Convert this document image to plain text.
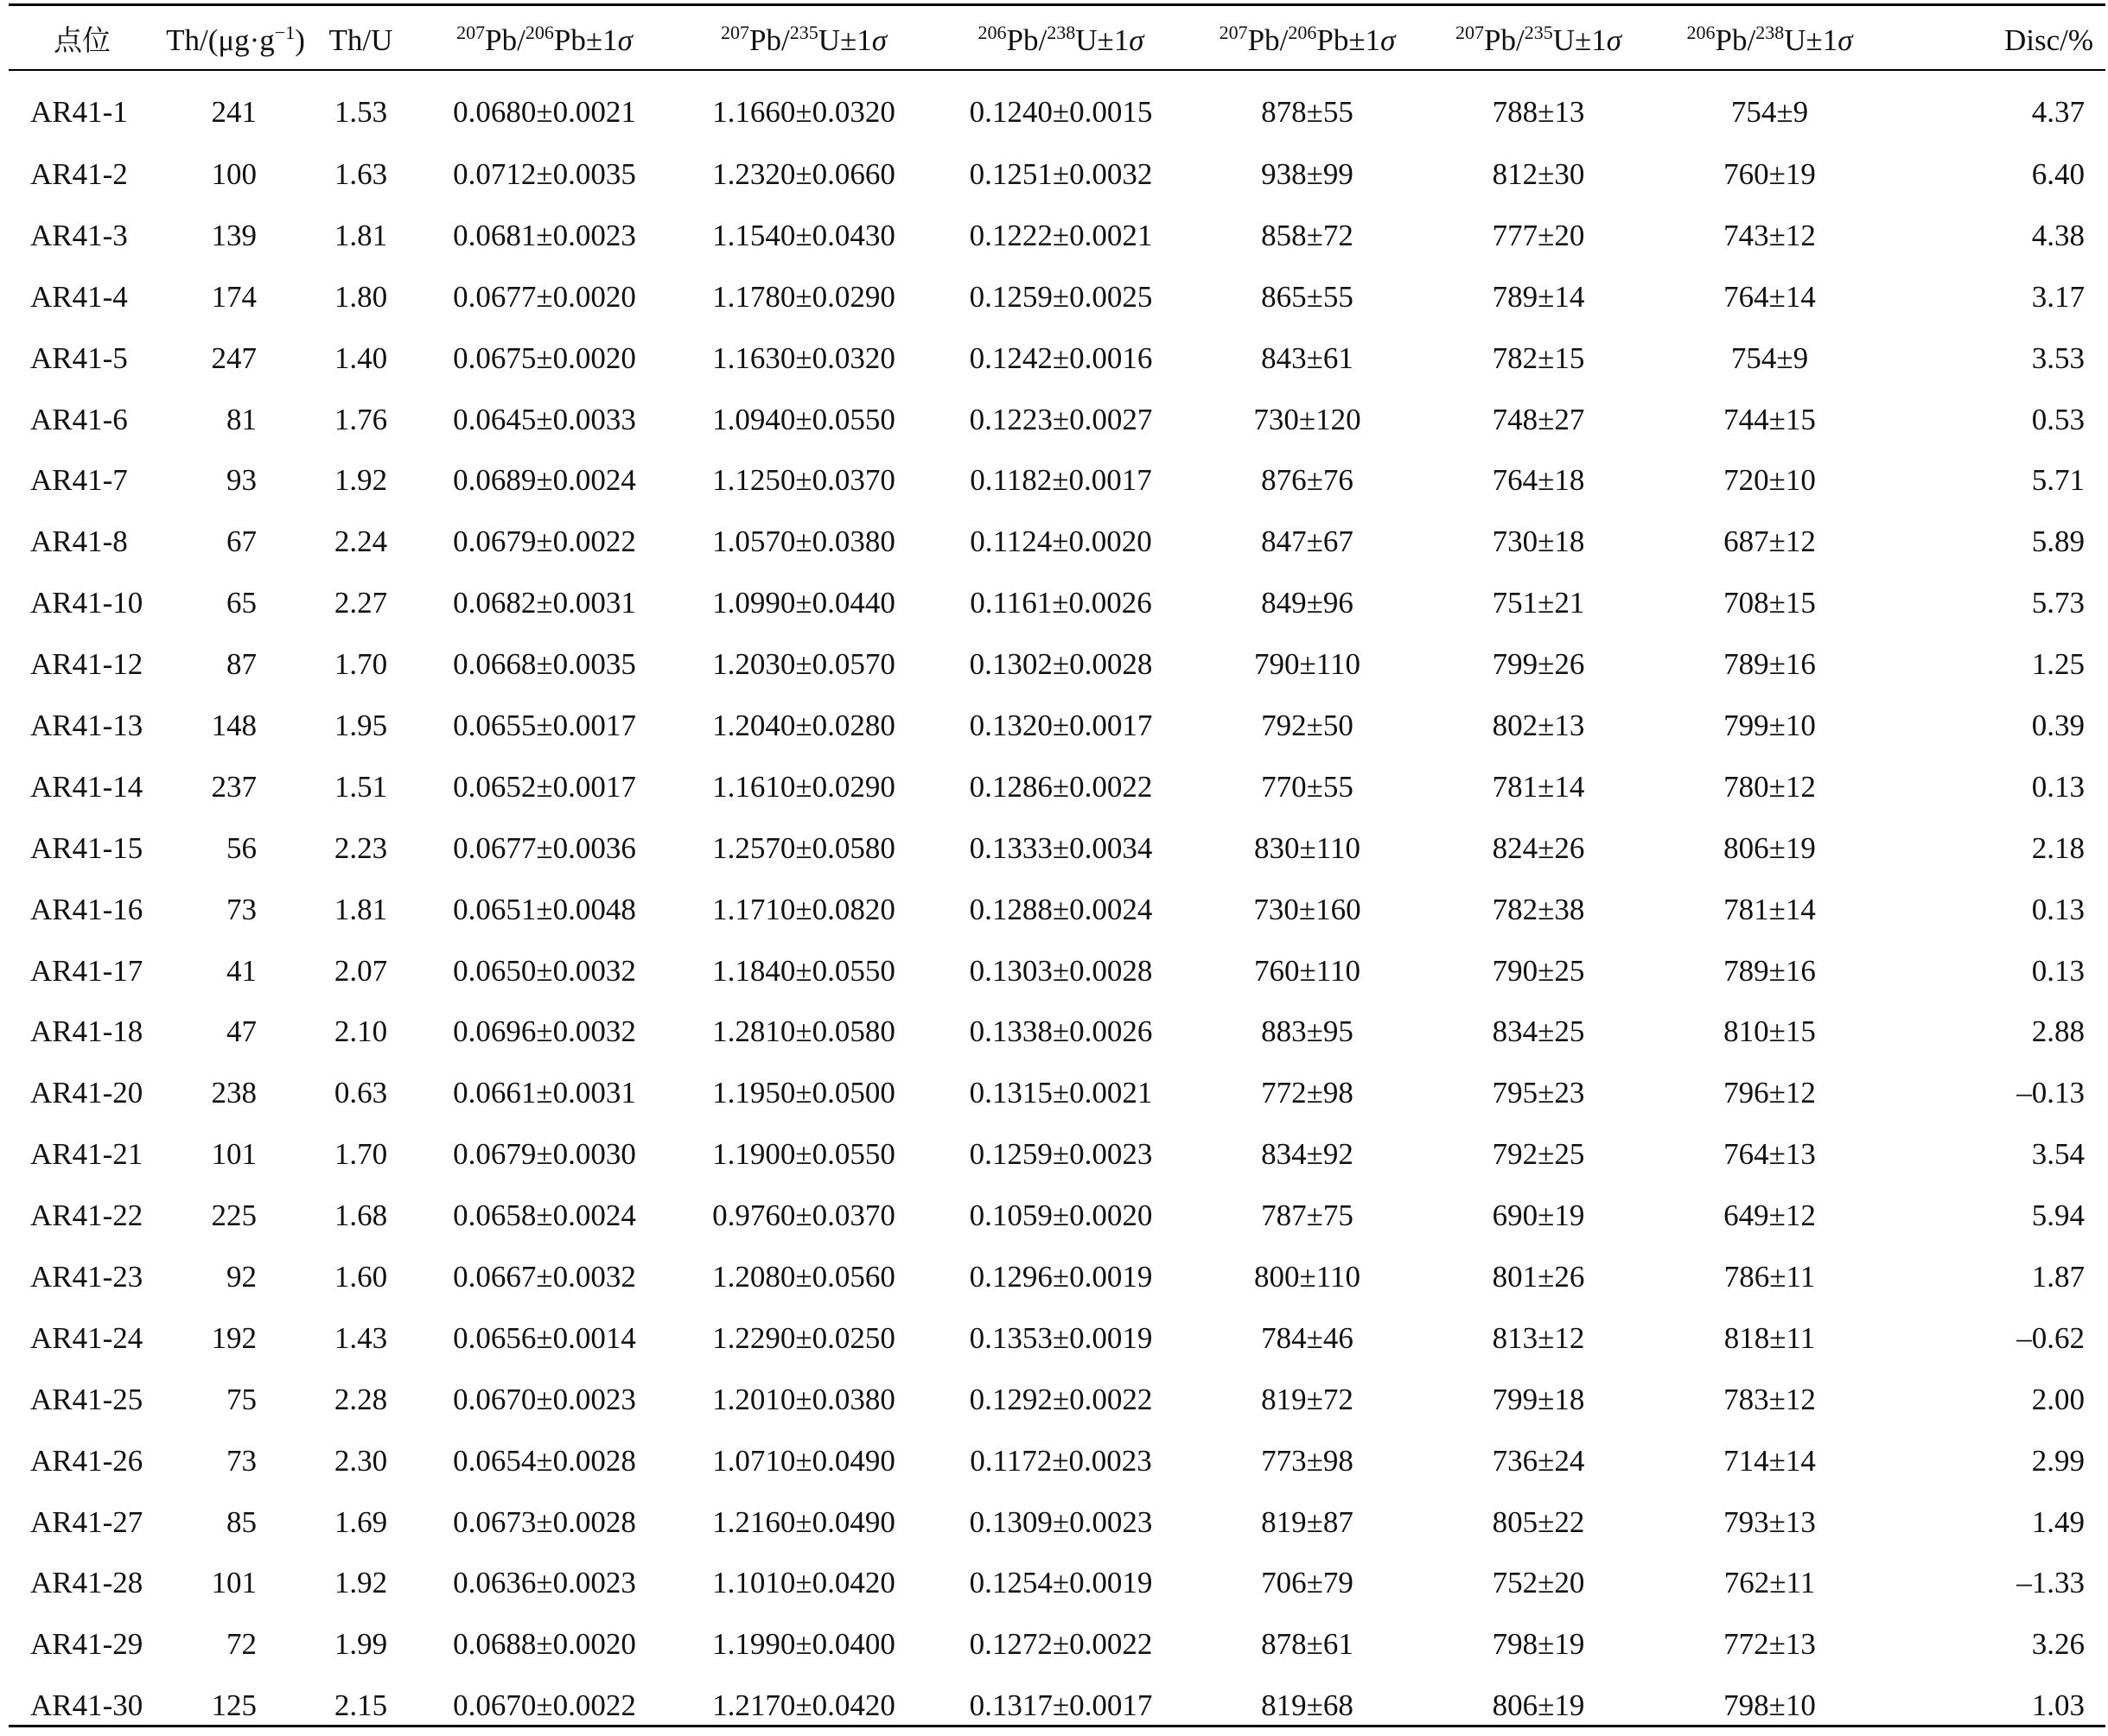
点位	$Th/(\mu g\cdot g^{-1})$	Th/U	$^{207}$Pb/$^{206}$Pb±1σ	$^{207}$Pb/$^{235}$U±1σ	$^{206}$Pb/$^{238}$U±1σ	$^{207}$Pb/$^{206}$Pb±1σ	$^{207}$Pb/$^{235}$U±1σ	$^{206}$Pb/$^{238}$U±1σ	Disc/%
AR41-1	241	1.53	0.0680±0.0021	1.1660±0.0320	0.1240±0.0015	878±55	788±13	754±9	4.37
AR41-2	100	1.63	0.0712±0.0035	1.2320±0.0660	0.1251±0.0032	938±99	812±30	760±19	6.40
AR41-3	139	1.81	0.0681±0.0023	1.1540±0.0430	0.1222±0.0021	858±72	777±20	743±12	4.38
AR41-4	174	1.80	0.0677±0.0020	1.1780±0.0290	0.1259±0.0025	865±55	789±14	764±14	3.17
AR41-5	247	1.40	0.0675±0.0020	1.1630±0.0320	0.1242±0.0016	843±61	782±15	754±9	3.53
AR41-6	81	1.76	0.0645±0.0033	1.0940±0.0550	0.1223±0.0027	730±120	748±27	744±15	0.53
AR41-7	93	1.92	0.0689±0.0024	1.1250±0.0370	0.1182±0.0017	876±76	764±18	720±10	5.71
AR41-8	67	2.24	0.0679±0.0022	1.0570±0.0380	0.1124±0.0020	847±67	730±18	687±12	5.89
AR41-10	65	2.27	0.0682±0.0031	1.0990±0.0440	0.1161±0.0026	849±96	751±21	708±15	5.73
AR41-12	87	1.70	0.0668±0.0035	1.2030±0.0570	0.1302±0.0028	790±110	799±26	789±16	1.25
AR41-13	148	1.95	0.0655±0.0017	1.2040±0.0280	0.1320±0.0017	792±50	802±13	799±10	0.39
AR41-14	237	1.51	0.0652±0.0017	1.1610±0.0290	0.1286±0.0022	770±55	781±14	780±12	0.13
AR41-15	56	2.23	0.0677±0.0036	1.2570±0.0580	0.1333±0.0034	830±110	824±26	806±19	2.18
AR41-16	73	1.81	0.0651±0.0048	1.1710±0.0820	0.1288±0.0024	730±160	782±38	781±14	0.13
AR41-17	41	2.07	0.0650±0.0032	1.1840±0.0550	0.1303±0.0028	760±110	790±25	789±16	0.13
AR41-18	47	2.10	0.0696±0.0032	1.2810±0.0580	0.1338±0.0026	883±95	834±25	810±15	2.88
AR41-20	238	0.63	0.0661±0.0031	1.1950±0.0500	0.1315±0.0021	772±98	795±23	796±12	–0.13
AR41-21	101	1.70	0.0679±0.0030	1.1900±0.0550	0.1259±0.0023	834±92	792±25	764±13	3.54
AR41-22	225	1.68	0.0658±0.0024	0.9760±0.0370	0.1059±0.0020	787±75	690±19	649±12	5.94
AR41-23	92	1.60	0.0667±0.0032	1.2080±0.0560	0.1296±0.0019	800±110	801±26	786±11	1.87
AR41-24	192	1.43	0.0656±0.0014	1.2290±0.0250	0.1353±0.0019	784±46	813±12	818±11	–0.62
AR41-25	75	2.28	0.0670±0.0023	1.2010±0.0380	0.1292±0.0022	819±72	799±18	783±12	2.00
AR41-26	73	2.30	0.0654±0.0028	1.0710±0.0490	0.1172±0.0023	773±98	736±24	714±14	2.99
AR41-27	85	1.69	0.0673±0.0028	1.2160±0.0490	0.1309±0.0023	819±87	805±22	793±13	1.49
AR41-28	101	1.92	0.0636±0.0023	1.1010±0.0420	0.1254±0.0019	706±79	752±20	762±11	–1.33
AR41-29	72	1.99	0.0688±0.0020	1.1990±0.0400	0.1272±0.0022	878±61	798±19	772±13	3.26
AR41-30	125	2.15	0.0670±0.0022	1.2170±0.0420	0.1317±0.0017	819±68	806±19	798±10	1.03
